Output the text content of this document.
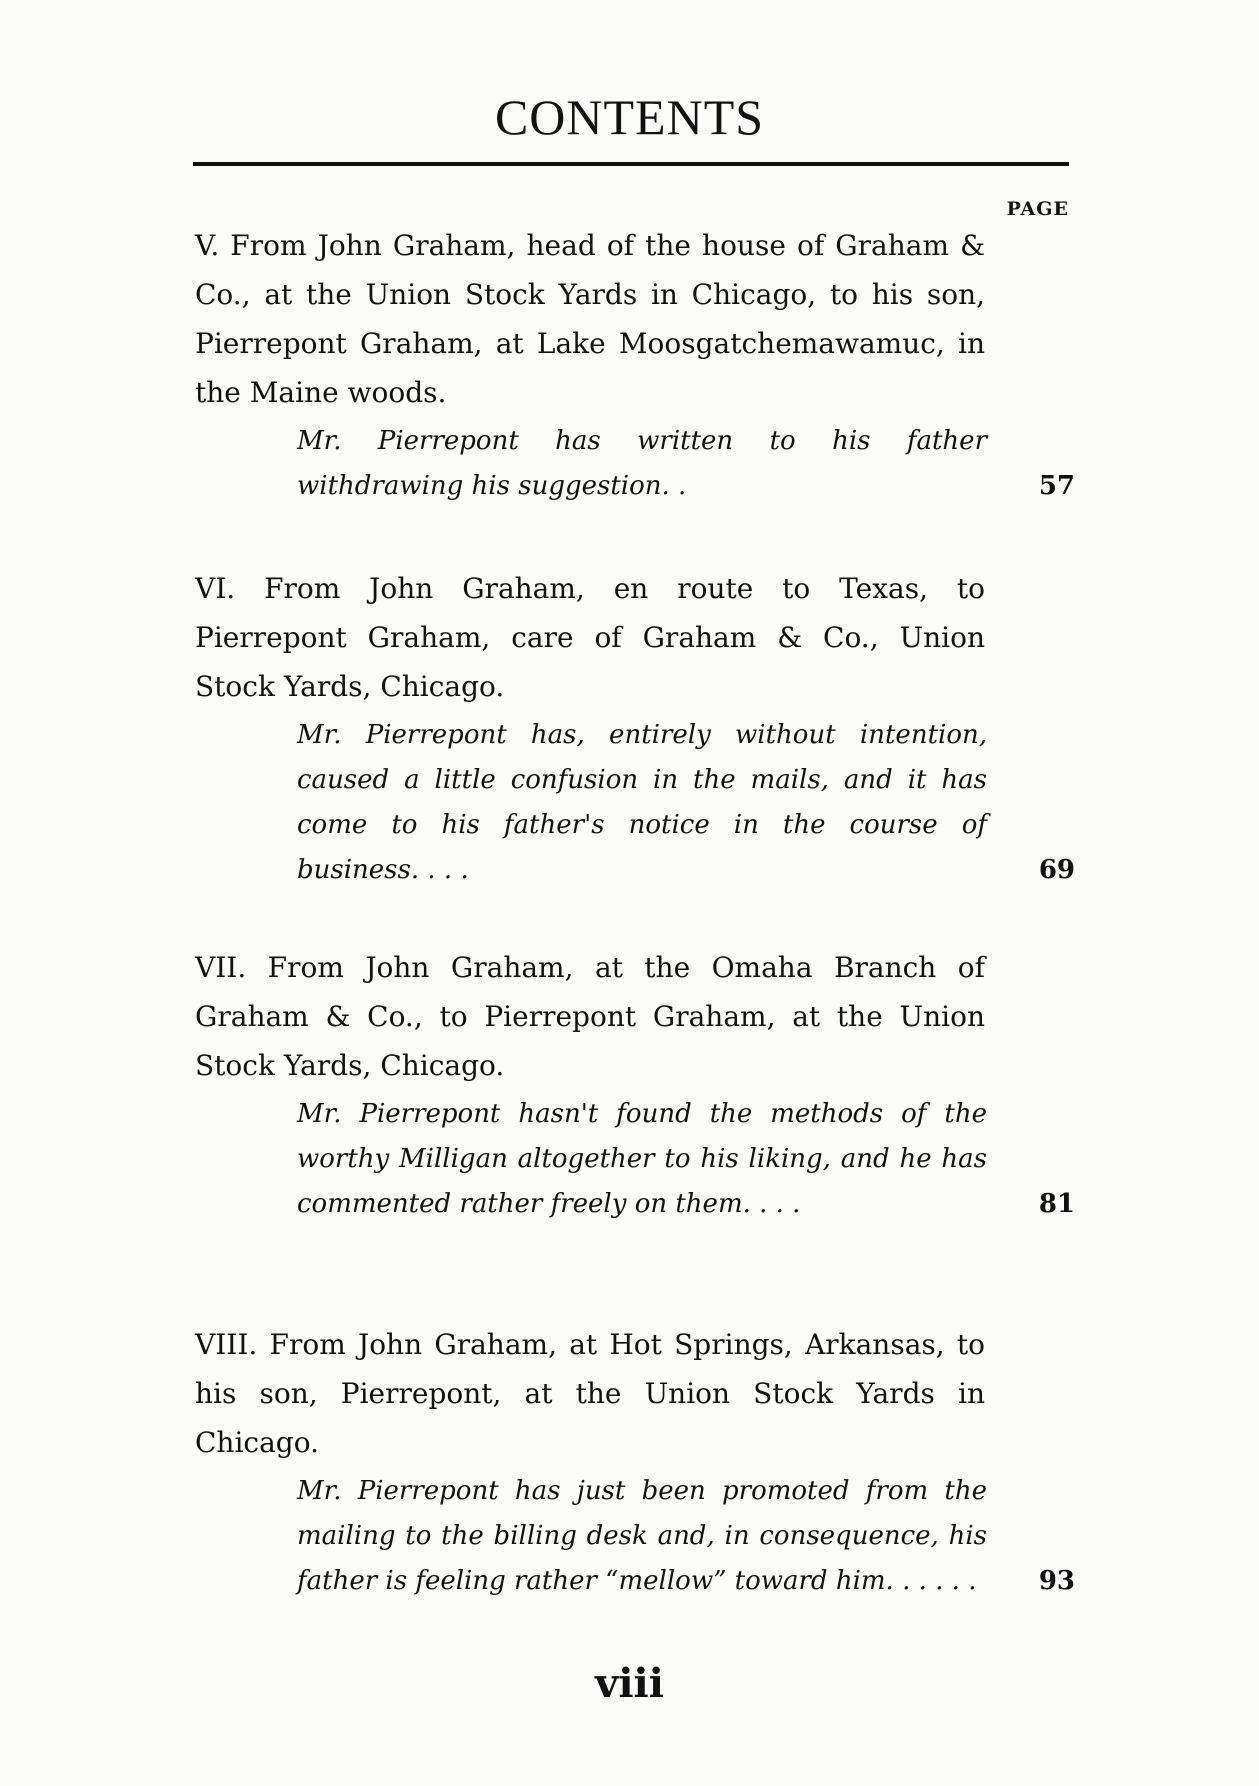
CONTENTS
PAGE
V. From John Graham, head of the house of Graham & Co., at the Union Stock Yards in Chicago, to his son, Pierrepont Graham, at Lake Moosgatchemawamuc, in the Maine woods.
Mr. Pierrepont has written to his father withdrawing his suggestion. .	57
VI. From John Graham, en route to Texas, to Pierrepont Graham, care of Graham & Co., Union Stock Yards, Chicago.
Mr. Pierrepont has, entirely without intention, caused a little confusion in the mails, and it has come to his father's notice in the course of business. . . .	69
VII. From John Graham, at the Omaha Branch of Graham & Co., to Pierrepont Graham, at the Union Stock Yards, Chicago.
Mr. Pierrepont hasn't found the methods of the worthy Milligan altogether to his liking, and he has commented rather freely on them. . . .	81
VIII. From John Graham, at Hot Springs, Arkansas, to his son, Pierrepont, at the Union Stock Yards in Chicago.
Mr. Pierrepont has just been promoted from the mailing to the billing desk and, in consequence, his father is feeling rather “mellow” toward him. . . . . .	93
viii
